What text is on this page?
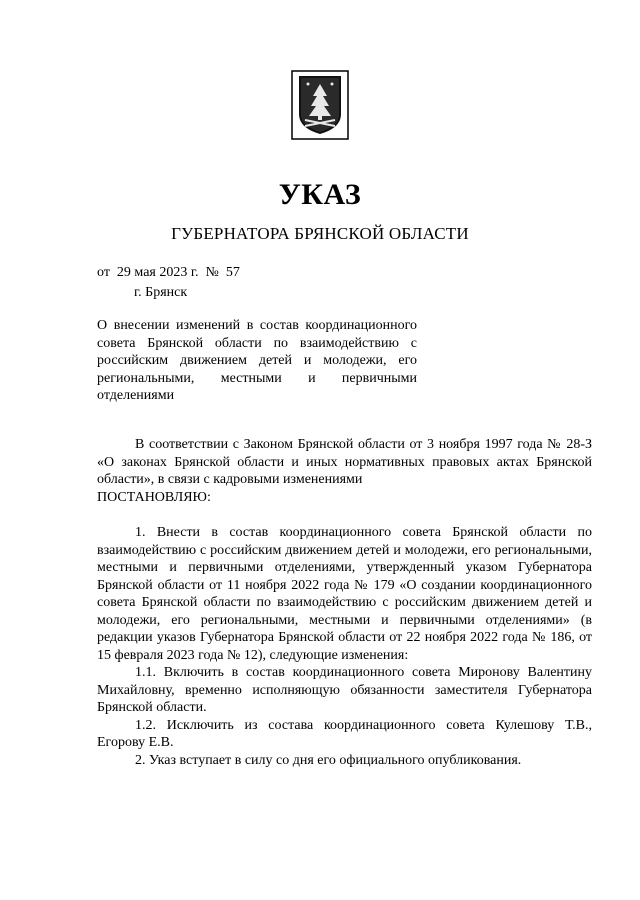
УКАЗ
ГУБЕРНАТОРА БРЯНСКОЙ ОБЛАСТИ
от  29 мая 2023 г.  №  57
г. Брянск
О внесении изменений в состав координационного совета Брянской области по взаимодействию с российским движением детей и молодежи, его региональными, местными и первичными отделениями

В соответствии с Законом Брянской области от 3 ноября 1997 года № 28-З «О законах Брянской области и иных нормативных правовых актах Брянской области», в связи с кадровыми изменениями

ПОСТАНОВЛЯЮ:

1. Внести в состав координационного совета Брянской области по взаимодействию с российским движением детей и молодежи, его региональными, местными и первичными отделениями, утвержденный указом Губернатора Брянской области от 11 ноября 2022 года № 179 «О создании координационного совета Брянской области по взаимодействию с российским движением детей и молодежи, его региональными, местными и первичными отделениями» (в редакции указов Губернатора Брянской области от 22 ноября 2022 года № 186, от 15 февраля 2023 года № 12), следующие изменения:

1.1. Включить в состав координационного совета Миронову Валентину Михайловну, временно исполняющую обязанности заместителя Губернатора Брянской области.

1.2. Исключить из состава координационного совета Кулешову Т.В., Егорову Е.В.

2. Указ вступает в силу со дня его официального опубликования.
